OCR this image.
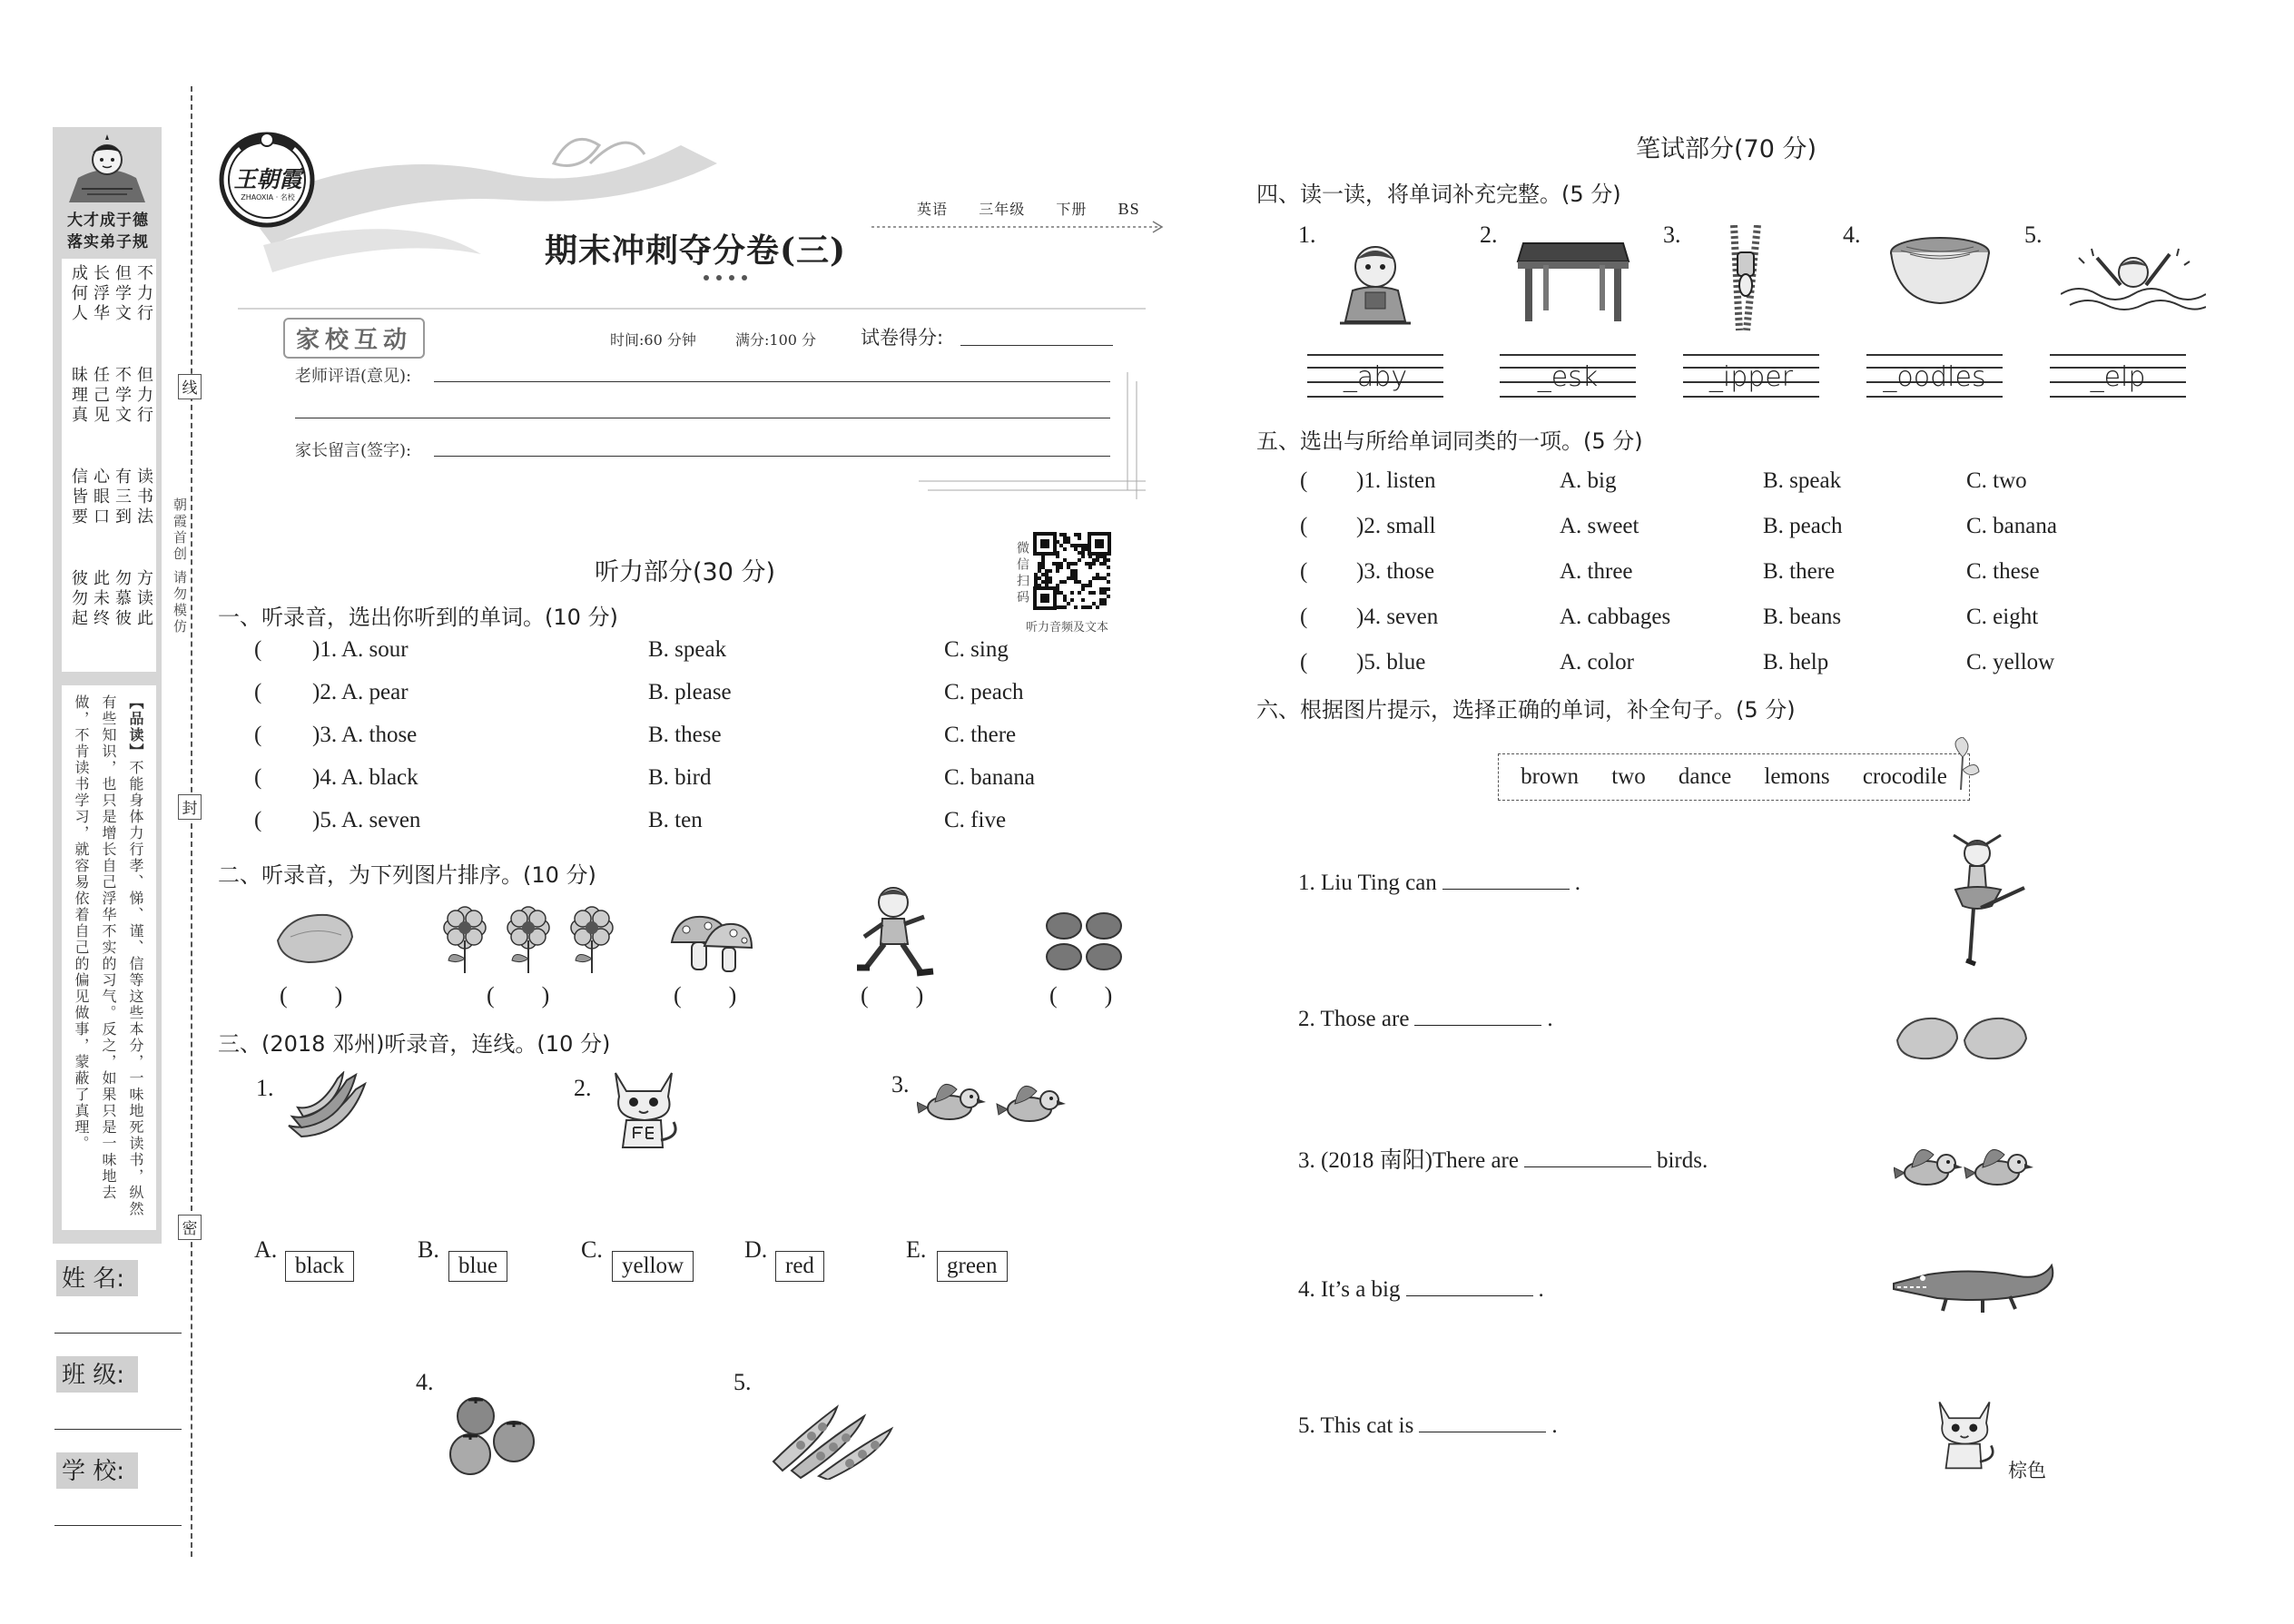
大才成于德
落实弟子规
不力行
但学文
长浮华
成何人
但力行
不学文
任己见
昧理真
读书法
有三到
心眼口
信皆要
方读此
勿慕彼
此未终
彼勿起
【品读】不能身体力行孝、悌、谨、信等这些本分，一味地死读书，纵然有些知识，也只是增长自己浮华不实的习气。反之，如果只是一味地去做，不肯读书学习，就容易依着自己的偏见做事，蒙蔽了真理。
姓 名:
班 级:
学 校:
线
封
密
朝霞首创 请勿模仿
王朝霞
ZHAOXIA · 名校
英语 三年级 下册 BS
期末冲刺夺分卷(三)
家校互动	时间:60 分钟	满分:100 分 试卷得分:
老师评语(意见):
家长留言(签字):
微信扫码
听力音频及文本
听力部分(30 分)
一、听录音，选出你听到的单词。(10 分)
二、听录音，为下列图片排序。(10 分)
(        )	(        )	(        )	(        )	(        )
三、(2018 邓州)听录音，连线。(10 分)
1.	2.	3.
4.	5.
笔试部分(70 分)
四、读一读，将单词补充完整。(5 分)
1.	2.	3.	4.	5.
五、选出与所给单词同类的一项。(5 分)
六、根据图片提示，选择正确的单词，补全句子。(5 分)
brown two dance lemons crocodile
棕色
( )1. A. sour	B. speak	C. sing
( )2. A. pear	B. please	C. peach
( )3. A. those	B. these	C. there
( )4. A. black	B. bird	C. banana
( )5. A. seven	B. ten	C. five
A.
black
B.
blue
C.
yellow
D.
red
E.
green
_aby	_esk	_ipper	_oodles	_elp
( )1. listen	A. big	B. speak	C. two
( )2. small	A. sweet	B. peach	C. banana
( )3. those	A. three	B. there	C. these
( )4. seven	A. cabbages	B. beans	C. eight
( )5. blue	A. color	B. help	C. yellow
1. Liu Ting can	.
2. Those are	.
3. (2018 南阳)There are	birds.
4. It’s a big	.
5. This cat is	.
